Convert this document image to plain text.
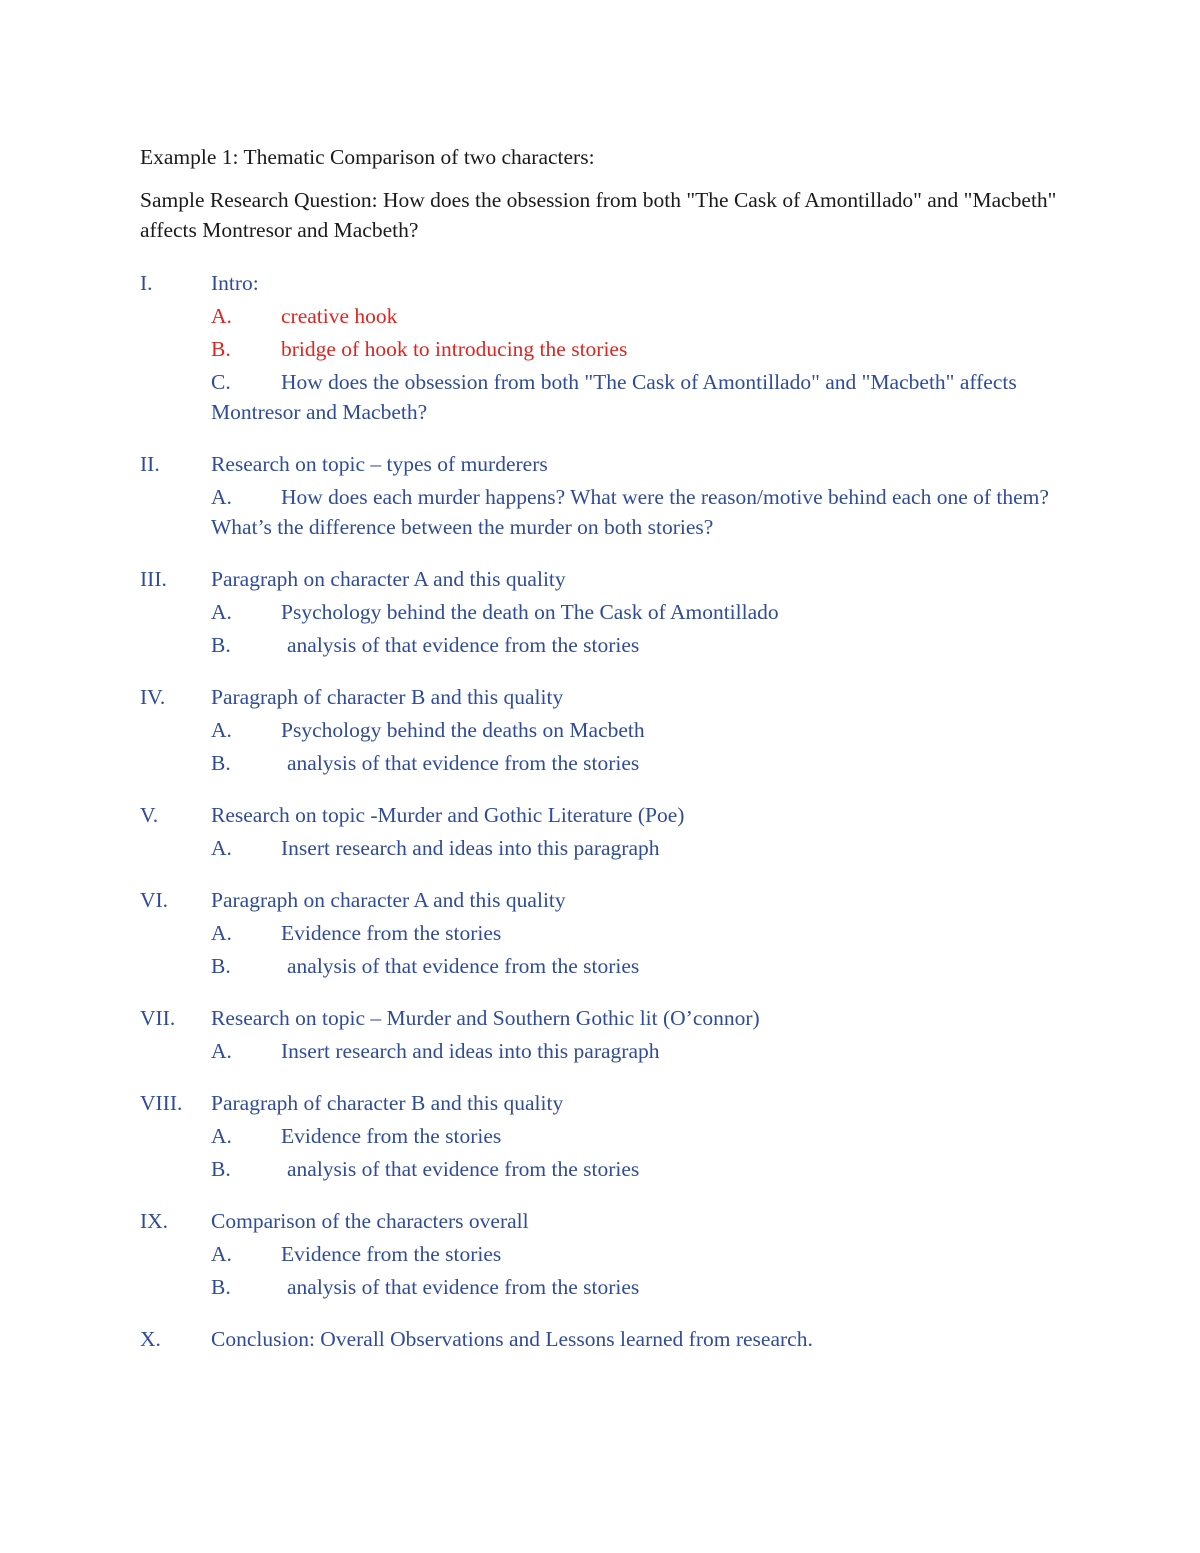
Example 1: Thematic Comparison of two characters:
Sample Research Question: How does the obsession from both "The Cask of Amontillado" and "Macbeth" affects Montresor and Macbeth?
I.	Intro:
A. creative hook
B. bridge of hook to introducing the stories
C. How does the obsession from both "The Cask of Amontillado" and "Macbeth" affects Montresor and Macbeth?
II.	Research on topic – types of murderers
A. How does each murder happens? What were the reason/motive behind each one of them? What’s the difference between the murder on both stories?
III.	Paragraph on character A and this quality
A. Psychology behind the death on The Cask of Amontillado
B.	analysis of that evidence from the stories
IV.	Paragraph of character B and this quality
A. Psychology behind the deaths on Macbeth
B.	analysis of that evidence from the stories
V.	Research on topic -Murder and Gothic Literature (Poe)
A. Insert research and ideas into this paragraph
VI.	Paragraph on character A and this quality
A. Evidence from the stories
B.	analysis of that evidence from the stories
VII.	Research on topic – Murder and Southern Gothic lit (O’connor)
A. Insert research and ideas into this paragraph
VIII.	Paragraph of character B and this quality
A. Evidence from the stories
B.	analysis of that evidence from the stories
IX.	Comparison of the characters overall
A. Evidence from the stories
B.	analysis of that evidence from the stories
X.	Conclusion: Overall Observations and Lessons learned from research.
